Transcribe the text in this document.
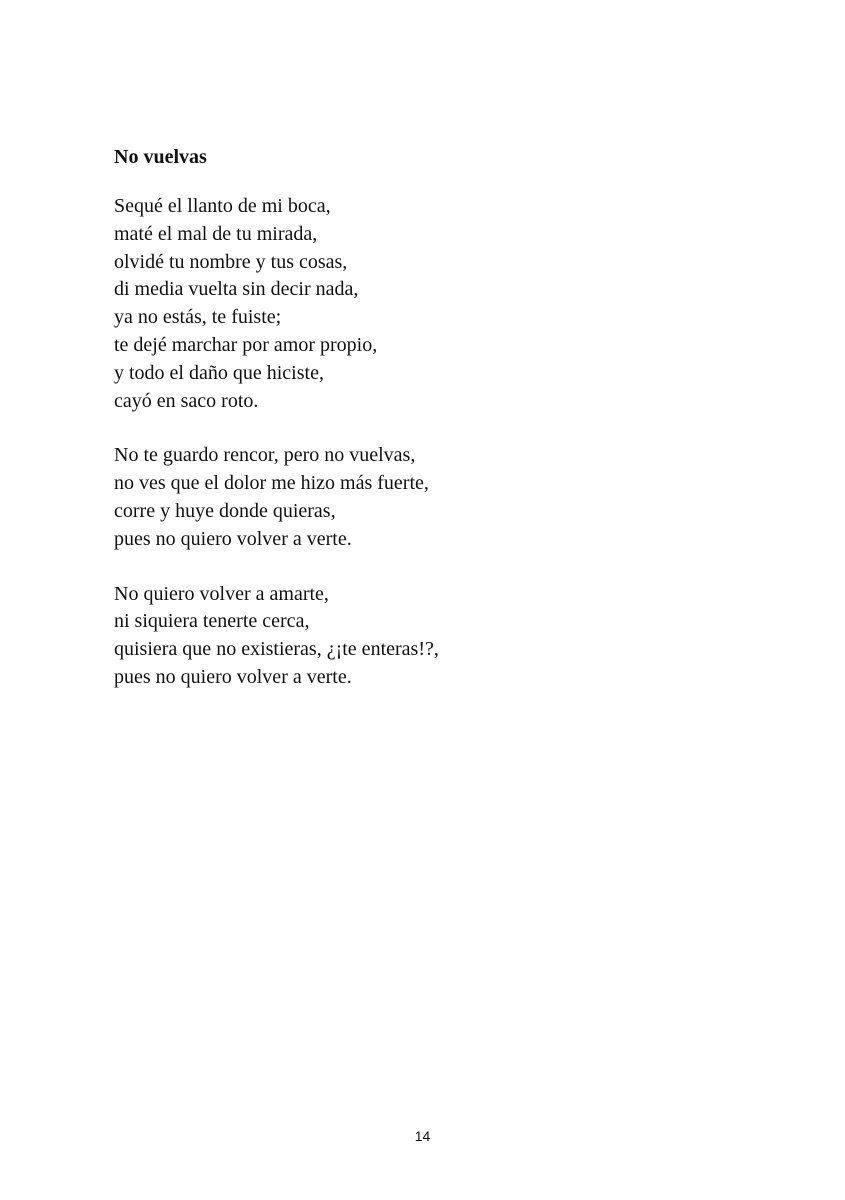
No vuelvas
Sequé el llanto de mi boca,
maté el mal de tu mirada,
olvidé tu nombre y tus cosas,
di media vuelta sin decir nada,
ya no estás, te fuiste;
te dejé marchar por amor propio,
y todo el daño que hiciste,
cayó en saco roto.
No te guardo rencor, pero no vuelvas,
no ves que el dolor me hizo más fuerte,
corre y huye donde quieras,
pues no quiero volver a verte.
No quiero volver a amarte,
ni siquiera tenerte cerca,
quisiera que no existieras, ¿¡te enteras!?,
pues no quiero volver a verte.
14
